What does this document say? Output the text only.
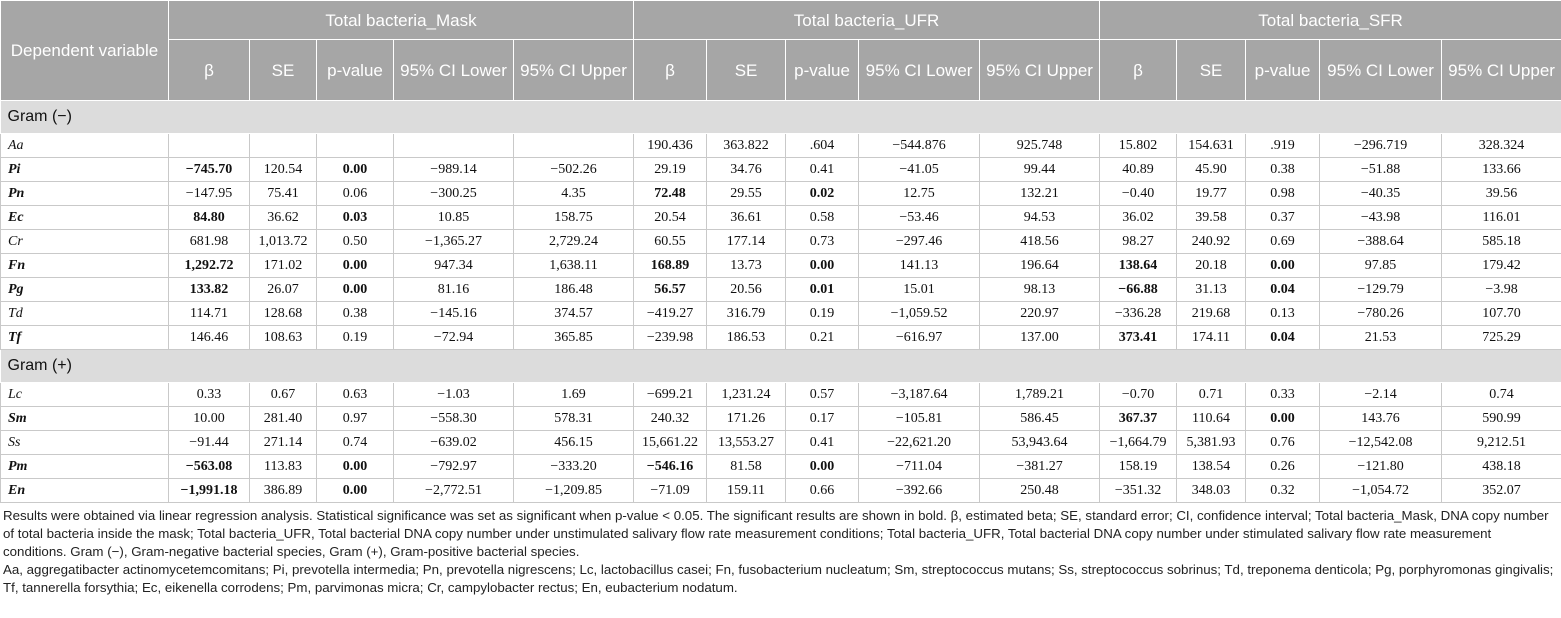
Dependent variable	Total bacteria_Mask					Total bacteria_UFR					Total bacteria_SFR				
	β	SE	p-value	95% CI Lower	95% CI Upper	β	SE	p-value	95% CI Lower	95% CI Upper	β	SE	p-value	95% CI Lower	95% CI Upper
Gram (−)															
Aa						190.436	363.822	.604	−544.876	925.748	15.802	154.631	.919	−296.719	328.324
Pi	−745.70	120.54	0.00	−989.14	−502.26	29.19	34.76	0.41	−41.05	99.44	40.89	45.90	0.38	−51.88	133.66
Pn	−147.95	75.41	0.06	−300.25	4.35	72.48	29.55	0.02	12.75	132.21	−0.40	19.77	0.98	−40.35	39.56
Ec	84.80	36.62	0.03	10.85	158.75	20.54	36.61	0.58	−53.46	94.53	36.02	39.58	0.37	−43.98	116.01
Cr	681.98	1,013.72	0.50	−1,365.27	2,729.24	60.55	177.14	0.73	−297.46	418.56	98.27	240.92	0.69	−388.64	585.18
Fn	1,292.72	171.02	0.00	947.34	1,638.11	168.89	13.73	0.00	141.13	196.64	138.64	20.18	0.00	97.85	179.42
Pg	133.82	26.07	0.00	81.16	186.48	56.57	20.56	0.01	15.01	98.13	−66.88	31.13	0.04	−129.79	−3.98
Td	114.71	128.68	0.38	−145.16	374.57	−419.27	316.79	0.19	−1,059.52	220.97	−336.28	219.68	0.13	−780.26	107.70
Tf	146.46	108.63	0.19	−72.94	365.85	−239.98	186.53	0.21	−616.97	137.00	373.41	174.11	0.04	21.53	725.29
Gram (+)															
Lc	0.33	0.67	0.63	−1.03	1.69	−699.21	1,231.24	0.57	−3,187.64	1,789.21	−0.70	0.71	0.33	−2.14	0.74
Sm	10.00	281.40	0.97	−558.30	578.31	240.32	171.26	0.17	−105.81	586.45	367.37	110.64	0.00	143.76	590.99
Ss	−91.44	271.14	0.74	−639.02	456.15	15,661.22	13,553.27	0.41	−22,621.20	53,943.64	−1,664.79	5,381.93	0.76	−12,542.08	9,212.51
Pm	−563.08	113.83	0.00	−792.97	−333.20	−546.16	81.58	0.00	−711.04	−381.27	158.19	138.54	0.26	−121.80	438.18
En	−1,991.18	386.89	0.00	−2,772.51	−1,209.85	−71.09	159.11	0.66	−392.66	250.48	−351.32	348.03	0.32	−1,054.72	352.07

Results were obtained via linear regression analysis. Statistical significance was set as significant when p-value < 0.05. The significant results are shown in bold. β, estimated beta; SE, standard error; CI, confidence interval; Total bacteria_Mask, DNA copy number of total bacteria inside the mask; Total bacteria_UFR, Total bacterial DNA copy number under unstimulated salivary flow rate measurement conditions; Total bacteria_UFR, Total bacterial DNA copy number under stimulated salivary flow rate measurement conditions. Gram (−), Gram-negative bacterial species, Gram (+), Gram-positive bacterial species.

Aa, aggregatibacter actinomycetemcomitans; Pi, prevotella intermedia; Pn, prevotella nigrescens; Lc, lactobacillus casei; Fn, fusobacterium nucleatum; Sm, streptococcus mutans; Ss, streptococcus sobrinus; Td, treponema denticola; Pg, porphyromonas gingivalis; Tf, tannerella forsythia; Ec, eikenella corrodens; Pm, parvimonas micra; Cr, campylobacter rectus; En, eubacterium nodatum.
